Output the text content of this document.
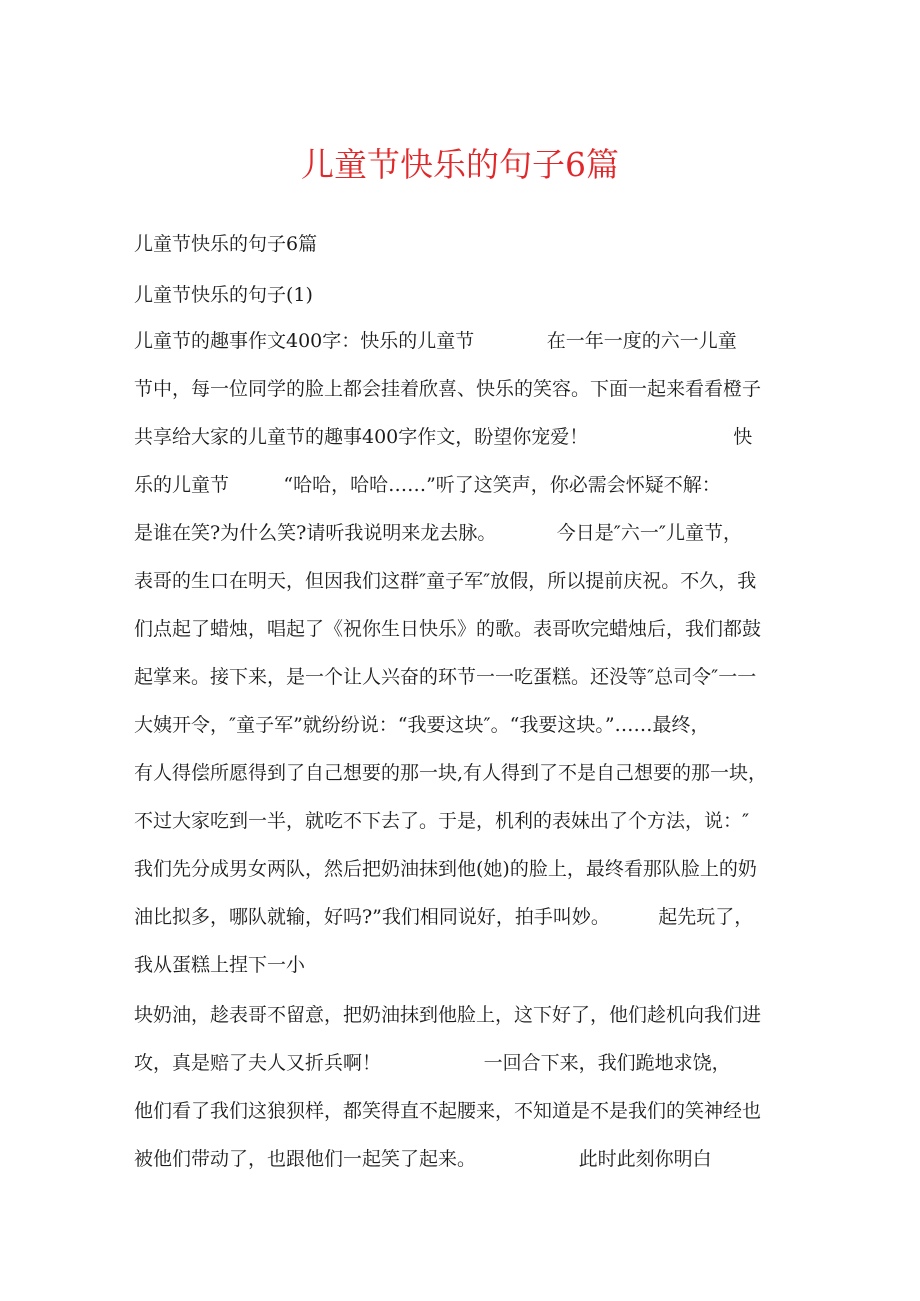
儿童节快乐的句子6篇
儿童节快乐的句子6篇
儿童节快乐的句子(1)
儿童节的趣事作文400字：快乐的儿童节            在一年一度的六一儿童
节中，每一位同学的脸上都会挂着欣喜、快乐的笑容。下面一起来看看橙子
共享给大家的儿童节的趣事400字作文，盼望你宠爱！                        快
乐的儿童节         “哈哈，哈哈……”听了这笑声，你必需会怀疑不解：
是谁在笑?为什么笑?请听我说明来龙去脉。          今日是″六一″儿童节，
表哥的生口在明天，但因我们这群″童子军″放假，所以提前庆祝。不久，我
们点起了蜡烛，唱起了《祝你生日快乐》的歌。表哥吹完蜡烛后，我们都鼓
起掌来。接下来，是一个让人兴奋的环节一一吃蛋糕。还没等″总司令″一一
大姨开令，″童子军”就纷纷说：“我要这块″。“我要这块。”……最终，
有人得偿所愿得到了自己想要的那一块,有人得到了不是自己想要的那一块，
不过大家吃到一半，就吃不下去了。于是，机利的表妹出了个方法，说：″
我们先分成男女两队，然后把奶油抹到他(她)的脸上，最终看那队脸上的奶
油比拟多，哪队就输，好吗?”我们相同说好，拍手叫妙。        起先玩了，
我从蛋糕上捏下一小
块奶油，趁表哥不留意，把奶油抹到他脸上，这下好了，他们趁机向我们进
攻，真是赔了夫人又折兵啊！                 一回合下来，我们跪地求饶，
他们看了我们这狼狈样，都笑得直不起腰来，不知道是不是我们的笑神经也
被他们带动了，也跟他们一起笑了起来。                 此时此刻你明白
